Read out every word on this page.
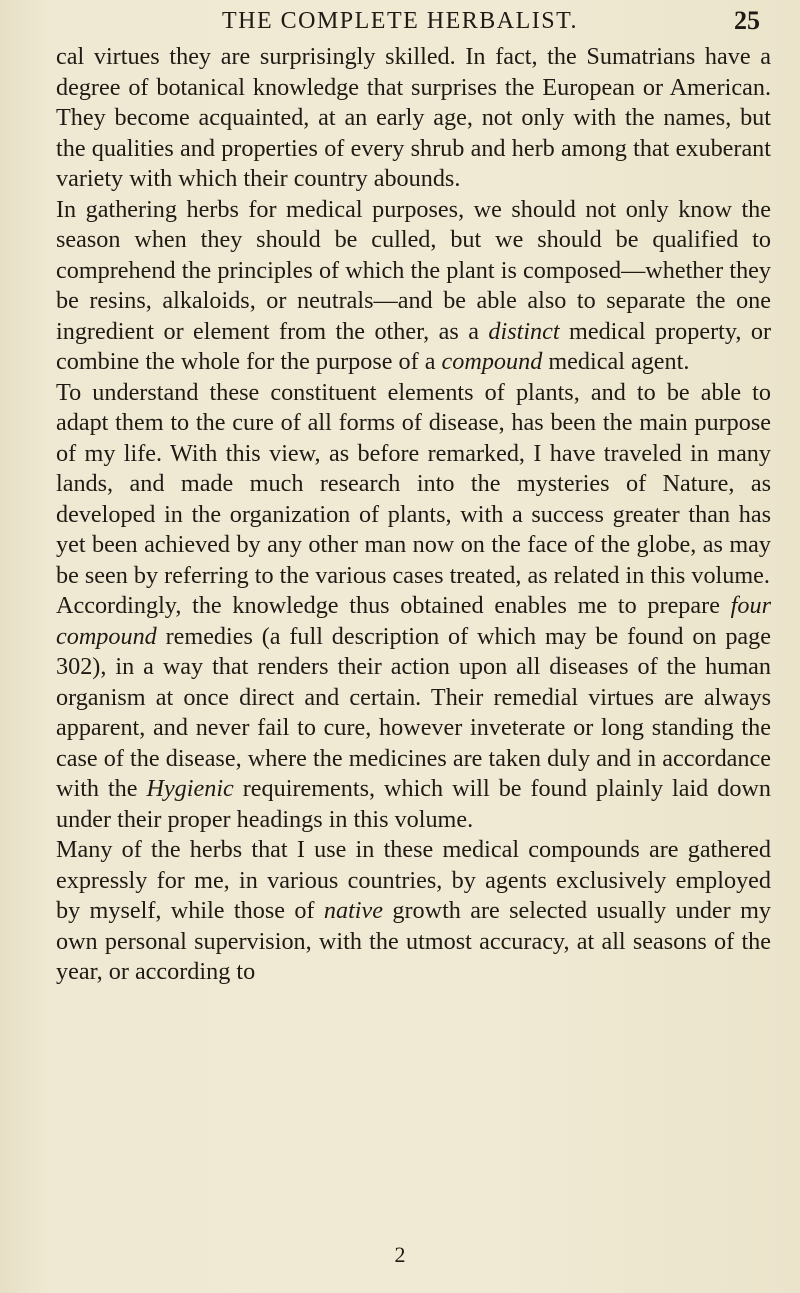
THE COMPLETE HERBALIST.	25

cal virtues they are surprisingly skilled. In fact, the Sumatrians have a degree of botanical knowledge that surprises the European or American. They become acquainted, at an early age, not only with the names, but the qualities and properties of every shrub and herb among that exuberant variety with which their country abounds.

In gathering herbs for medical purposes, we should not only know the season when they should be culled, but we should be qualified to comprehend the principles of which the plant is composed—whether they be resins, alkaloids, or neutrals—and be able also to separate the one ingredient or element from the other, as a distinct medical property, or combine the whole for the purpose of a compound medical agent.

To understand these constituent elements of plants, and to be able to adapt them to the cure of all forms of disease, has been the main purpose of my life. With this view, as before remarked, I have traveled in many lands, and made much research into the mysteries of Nature, as developed in the organization of plants, with a success greater than has yet been achieved by any other man now on the face of the globe, as may be seen by referring to the various cases treated, as related in this volume.

Accordingly, the knowledge thus obtained enables me to prepare four compound remedies (a full description of which may be found on page 302), in a way that renders their action upon all diseases of the human organism at once direct and certain. Their remedial virtues are always apparent, and never fail to cure, however inveterate or long standing the case of the disease, where the medicines are taken duly and in accordance with the Hygienic requirements, which will be found plainly laid down under their proper headings in this volume.

Many of the herbs that I use in these medical compounds are gathered expressly for me, in various countries, by agents exclusively employed by myself, while those of native growth are selected usually under my own personal supervision, with the utmost accuracy, at all seasons of the year, or according to

2
